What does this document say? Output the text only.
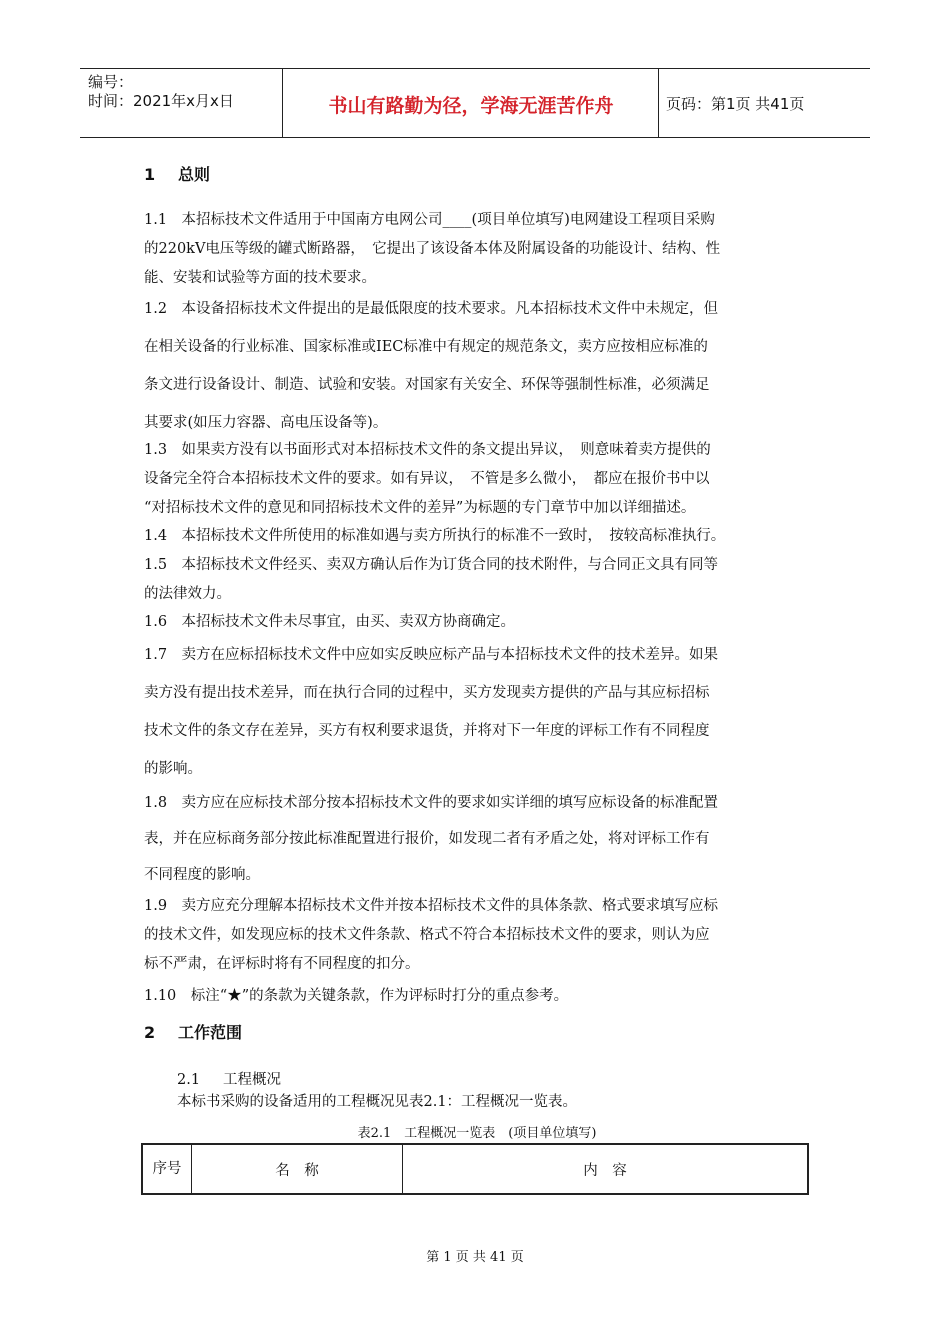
编号：
时间：2021年x月x日	书山有路勤为径，学海无涯苦作舟	页码：第1页 共41页
1 总则
1.1　本招标技术文件适用于中国南方电网公司____(项目单位填写)电网建设工程项目采购
的220kV电压等级的罐式断路器，　它提出了该设备本体及附属设备的功能设计、结构、性
能、安装和试验等方面的技术要求。
1.2　本设备招标技术文件提出的是最低限度的技术要求。凡本招标技术文件中未规定，但
在相关设备的行业标准、国家标准或IEC标准中有规定的规范条文，卖方应按相应标准的
条文进行设备设计、制造、试验和安装。对国家有关安全、环保等强制性标准，必须满足
其要求(如压力容器、高电压设备等)。
1.3　如果卖方没有以书面形式对本招标技术文件的条文提出异议，　则意味着卖方提供的
设备完全符合本招标技术文件的要求。如有异议，　不管是多么微小，　都应在报价书中以
“对招标技术文件的意见和同招标技术文件的差异”为标题的专门章节中加以详细描述。
1.4　本招标技术文件所使用的标准如遇与卖方所执行的标准不一致时，　按较高标准执行。
1.5　本招标技术文件经买、卖双方确认后作为订货合同的技术附件，与合同正文具有同等
的法律效力。
1.6　本招标技术文件未尽事宜，由买、卖双方协商确定。
1.7　卖方在应标招标技术文件中应如实反映应标产品与本招标技术文件的技术差异。如果
卖方没有提出技术差异，而在执行合同的过程中，买方发现卖方提供的产品与其应标招标
技术文件的条文存在差异，买方有权利要求退货，并将对下一年度的评标工作有不同程度
的影响。
1.8　卖方应在应标技术部分按本招标技术文件的要求如实详细的填写应标设备的标准配置
表，并在应标商务部分按此标准配置进行报价，如发现二者有矛盾之处，将对评标工作有
不同程度的影响。
1.9　卖方应充分理解本招标技术文件并按本招标技术文件的具体条款、格式要求填写应标
的技术文件，如发现应标的技术文件条款、格式不符合本招标技术文件的要求，则认为应
标不严肃，在评标时将有不同程度的扣分。
1.10　标注“★”的条款为关键条款，作为评标时打分的重点参考。
2 工作范围
2.1 工程概况
本标书采购的设备适用的工程概况见表2.1：工程概况一览表。
表2.1　工程概况一览表　(项目单位填写)
序号	名　称	内　容
第 1 页 共 41 页
